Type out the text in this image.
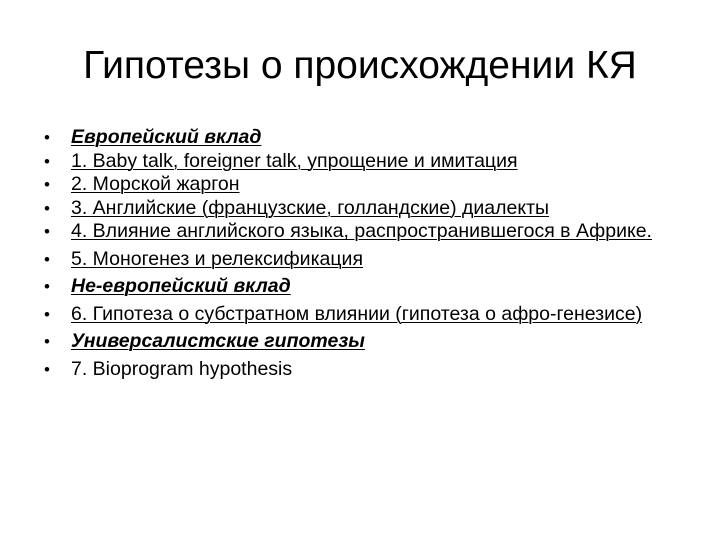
Гипотезы о происхождении КЯ
•	Европейский вклад
•	1. Baby talk, foreigner talk, упрощение и имитация
•	2. Морской жаргон
•	3. Английские (французские, голландские) диалекты
•	4. Влияние английского языка, распространившегося в Африке.
•	5. Моногенез и релексификация
•	Не-европейский вклад
•	6. Гипотеза о субстратном влиянии (гипотеза о афро-генезисе)
•	Универсалистские гипотезы
•	7. Bioprogram hypothesis
